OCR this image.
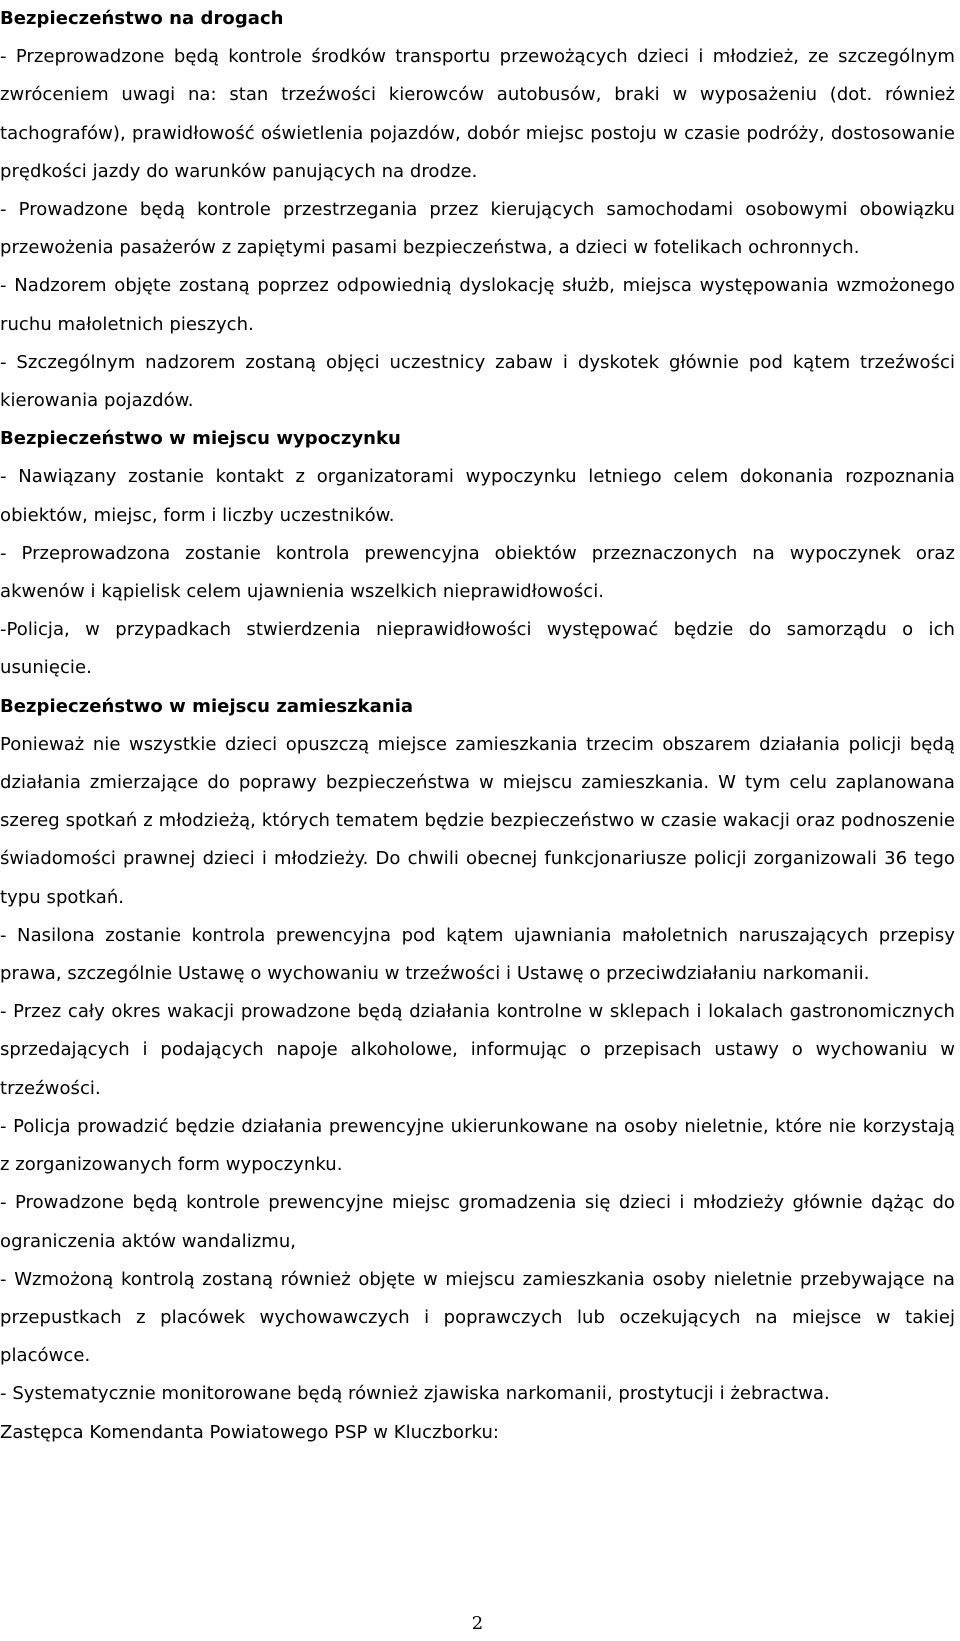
Bezpieczeństwo na drogach

- Przeprowadzone będą kontrole środków transportu przewożących dzieci i młodzież, ze szczególnym zwróceniem uwagi na: stan trzeźwości kierowców autobusów, braki w wyposażeniu (dot. również tachografów), prawidłowość oświetlenia pojazdów, dobór miejsc postoju w czasie podróży, dostosowanie prędkości jazdy do warunków panujących na drodze.

- Prowadzone będą kontrole przestrzegania przez kierujących samochodami osobowymi obowiązku przewożenia pasażerów z zapiętymi pasami bezpieczeństwa, a dzieci w fotelikach ochronnych.

- Nadzorem objęte zostaną poprzez odpowiednią dyslokację służb, miejsca występowania wzmożonego ruchu małoletnich pieszych.

- Szczególnym nadzorem zostaną objęci uczestnicy zabaw i dyskotek głównie pod kątem trzeźwości kierowania pojazdów.

Bezpieczeństwo w miejscu wypoczynku

- Nawiązany zostanie kontakt z organizatorami wypoczynku letniego celem dokonania rozpoznania obiektów, miejsc, form i liczby uczestników.

- Przeprowadzona zostanie kontrola prewencyjna obiektów przeznaczonych na wypoczynek oraz akwenów i kąpielisk celem ujawnienia wszelkich nieprawidłowości.

-Policja, w przypadkach stwierdzenia nieprawidłowości występować będzie do samorządu o ich usunięcie.

Bezpieczeństwo w miejscu zamieszkania

Ponieważ nie wszystkie dzieci opuszczą miejsce zamieszkania trzecim obszarem działania policji będą działania zmierzające do poprawy bezpieczeństwa w miejscu zamieszkania. W tym celu zaplanowana szereg spotkań z młodzieżą, których tematem będzie bezpieczeństwo w czasie wakacji oraz podnoszenie świadomości prawnej dzieci i młodzieży. Do chwili obecnej funkcjonariusze policji zorganizowali 36 tego typu spotkań.

- Nasilona zostanie kontrola prewencyjna pod kątem ujawniania małoletnich naruszających przepisy prawa, szczególnie Ustawę o wychowaniu w trzeźwości i Ustawę o przeciwdziałaniu narkomanii.

- Przez cały okres wakacji prowadzone będą działania kontrolne w sklepach i lokalach gastronomicznych sprzedających i podających napoje alkoholowe, informując o przepisach ustawy o wychowaniu w trzeźwości.

- Policja prowadzić będzie działania prewencyjne ukierunkowane na osoby nieletnie, które nie korzystają z zorganizowanych form wypoczynku.

- Prowadzone będą kontrole prewencyjne miejsc gromadzenia się dzieci i młodzieży głównie dążąc do ograniczenia aktów wandalizmu,

- Wzmożoną kontrolą zostaną również objęte w miejscu zamieszkania osoby nieletnie przebywające na przepustkach z placówek wychowawczych i poprawczych lub oczekujących na miejsce w takiej placówce.

- Systematycznie monitorowane będą również zjawiska narkomanii, prostytucji i żebractwa.

Zastępca Komendanta Powiatowego PSP w Kluczborku:

2
